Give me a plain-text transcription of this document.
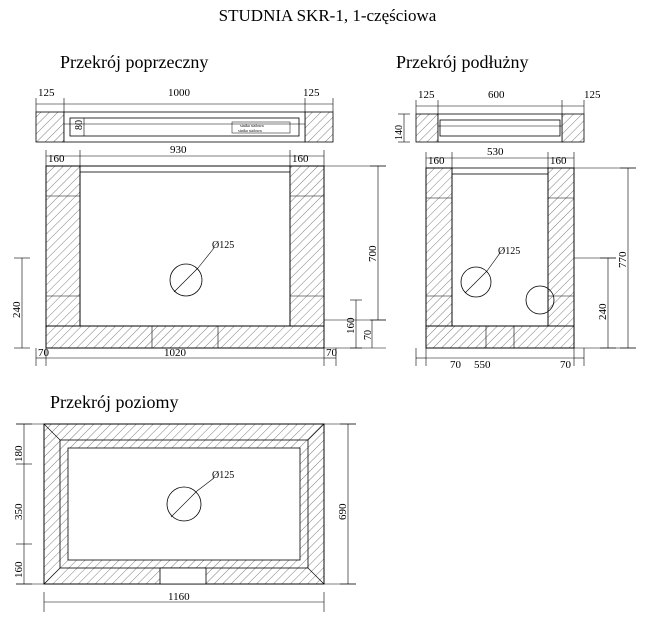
STUDNIA SKR-1, 1-częściowa
Przekrój poprzeczny	Przekrój podłużny
Przekrój poziomy
siatka stalowa
siatka stalowa
125	1000	125
80
Ø125
160
930
160
70	1020	70
240
700
160
70
125	600	125
140
Ø125
160
530
160
70 550	70
770
240
Ø125
180
350
160
690
1160
